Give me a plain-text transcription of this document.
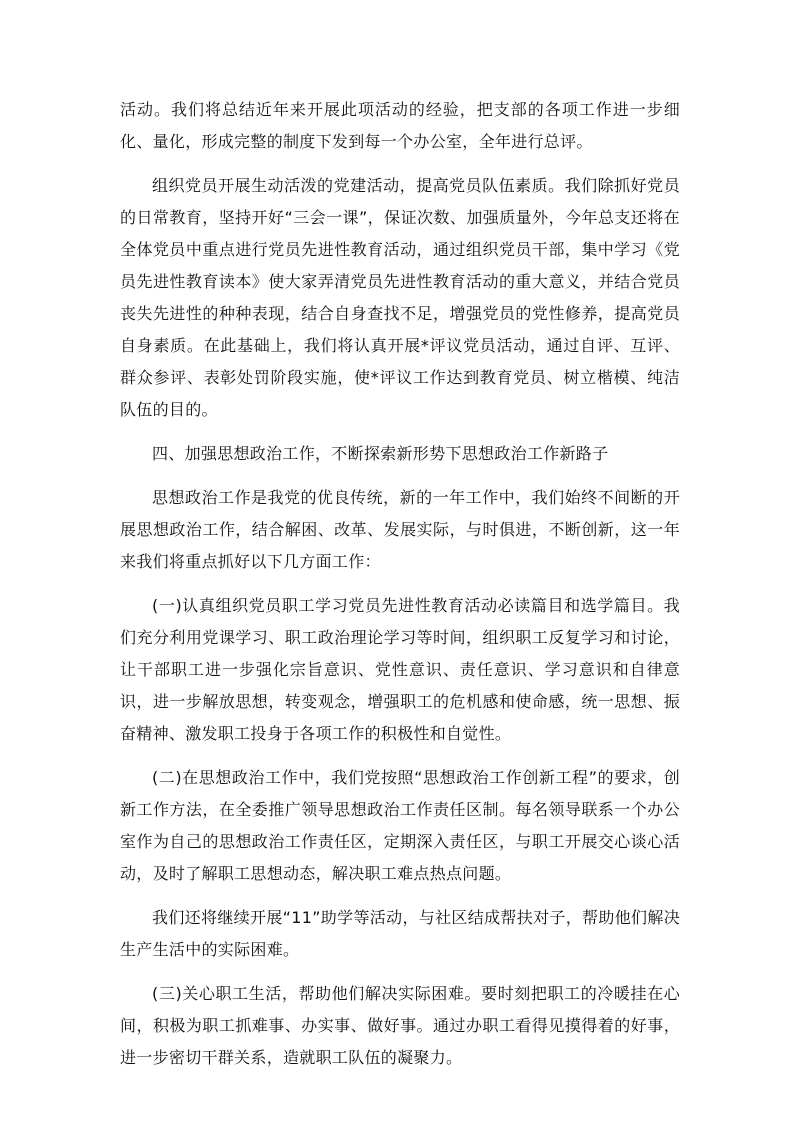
活动。我们将总结近年来开展此项活动的经验，把支部的各项工作进一步细化、量化，形成完整的制度下发到每一个办公室，全年进行总评。

组织党员开展生动活泼的党建活动，提高党员队伍素质。我们除抓好党员的日常教育，坚持开好“三会一课”，保证次数、加强质量外，今年总支还将在全体党员中重点进行党员先进性教育活动，通过组织党员干部，集中学习《党员先进性教育读本》使大家弄清党员先进性教育活动的重大意义，并结合党员丧失先进性的种种表现，结合自身查找不足，增强党员的党性修养，提高党员自身素质。在此基础上，我们将认真开展*评议党员活动，通过自评、互评、群众参评、表彰处罚阶段实施，使*评议工作达到教育党员、树立楷模、纯洁队伍的目的。

四、加强思想政治工作，不断探索新形势下思想政治工作新路子

思想政治工作是我党的优良传统，新的一年工作中，我们始终不间断的开展思想政治工作，结合解困、改革、发展实际，与时俱进，不断创新，这一年来我们将重点抓好以下几方面工作：

(一)认真组织党员职工学习党员先进性教育活动必读篇目和选学篇目。我们充分利用党课学习、职工政治理论学习等时间，组织职工反复学习和讨论，让干部职工进一步强化宗旨意识、党性意识、责任意识、学习意识和自律意识，进一步解放思想，转变观念，增强职工的危机感和使命感，统一思想、振奋精神、激发职工投身于各项工作的积极性和自觉性。

(二)在思想政治工作中，我们党按照“思想政治工作创新工程”的要求，创新工作方法，在全委推广领导思想政治工作责任区制。每名领导联系一个办公室作为自己的思想政治工作责任区，定期深入责任区，与职工开展交心谈心活动，及时了解职工思想动态，解决职工难点热点问题。

我们还将继续开展“11”助学等活动，与社区结成帮扶对子，帮助他们解决生产生活中的实际困难。

(三)关心职工生活，帮助他们解决实际困难。要时刻把职工的冷暖挂在心间，积极为职工抓难事、办实事、做好事。通过办职工看得见摸得着的好事，进一步密切干群关系，造就职工队伍的凝聚力。
